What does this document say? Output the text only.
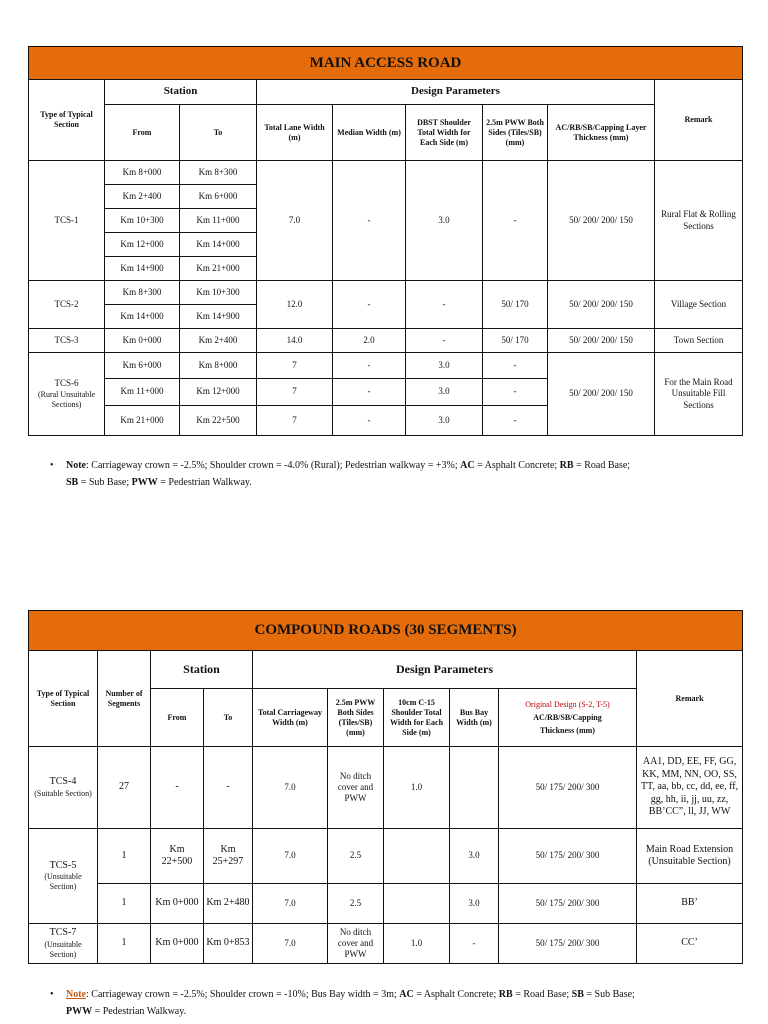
MAIN ACCESS ROAD								
Type of Typical Section	Station		Design Parameters					Remark
	From	To	Total Lane Width (m)	Median Width (m)	DBST Shoulder Total Width for Each Side (m)	2.5m PWW Both Sides (Tiles/SB) (mm)	AC/RB/SB/Capping Layer Thickness (mm)	
TCS-1	Km 8+000	Km 8+300	7.0	-	3.0	-	50/ 200/ 200/ 150	Rural Flat & Rolling Sections
	Km 2+400	Km 6+000						
	Km 10+300	Km 11+000						
	Km 12+000	Km 14+000						
	Km 14+900	Km 21+000						
TCS-2	Km 8+300	Km 10+300	12.0	-	-	50/ 170	50/ 200/ 200/ 150	Village Section
	Km 14+000	Km 14+900						
TCS-3	Km 0+000	Km 2+400	14.0	2.0	-	50/ 170	50/ 200/ 200/ 150	Town Section
TCS-6
(Rural Unsuitable Sections)	Km 6+000	Km 8+000	7	-	3.0	-	50/ 200/ 200/ 150	For the Main Road Unsuitable Fill Sections
	Km 11+000	Km 12+000	7	-	3.0	-		
	Km 21+000	Km 22+500	7	-	3.0	-		
• Note: Carriageway crown = -2.5%; Shoulder crown = -4.0% (Rural); Pedestrian walkway = +3%; AC = Asphalt Concrete; RB = Road Base;
SB = Sub Base; PWW = Pedestrian Walkway.
COMPOUND ROADS (30 SEGMENTS)									
Type of Typical Section	Number of Segments	Station		Design Parameters					Remark
		From	To	Total Carriageway Width (m)	2.5m PWW Both Sides (Tiles/SB) (mm)	10cm C-15 Shoulder Total Width for Each Side (m)	Bus Bay Width (m)	Original Design (S-2, T-5)
AC/RB/SB/Capping
Thickness (mm)	

TCS-4
(Suitable Section)	27	-	-	7.0	No ditch cover and PWW	1.0		50/ 175/ 200/ 300	AA1, DD, EE, FF, GG, KK, MM, NN, OO, SS, TT, aa, bb, cc, dd, ee, ff, gg, hh, ii, jj, uu, zz, BB’CC”, ll, JJ, WW
TCS-5
(Unsuitable Section)	1	Km 22+500	Km 25+297	7.0	2.5		3.0	50/ 175/ 200/ 300	Main Road Extension (Unsuitable Section)
	1	Km 0+000	Km 2+480	7.0	2.5		3.0	50/ 175/ 200/ 300	BB’
TCS-7
(Unsuitable Section)	1	Km 0+000	Km 0+853	7.0	No ditch cover and PWW	1.0	-	50/ 175/ 200/ 300	CC’
• Note: Carriageway crown = -2.5%; Shoulder crown = -10%; Bus Bay width = 3m; AC = Asphalt Concrete; RB = Road Base; SB = Sub Base;
PWW = Pedestrian Walkway.
